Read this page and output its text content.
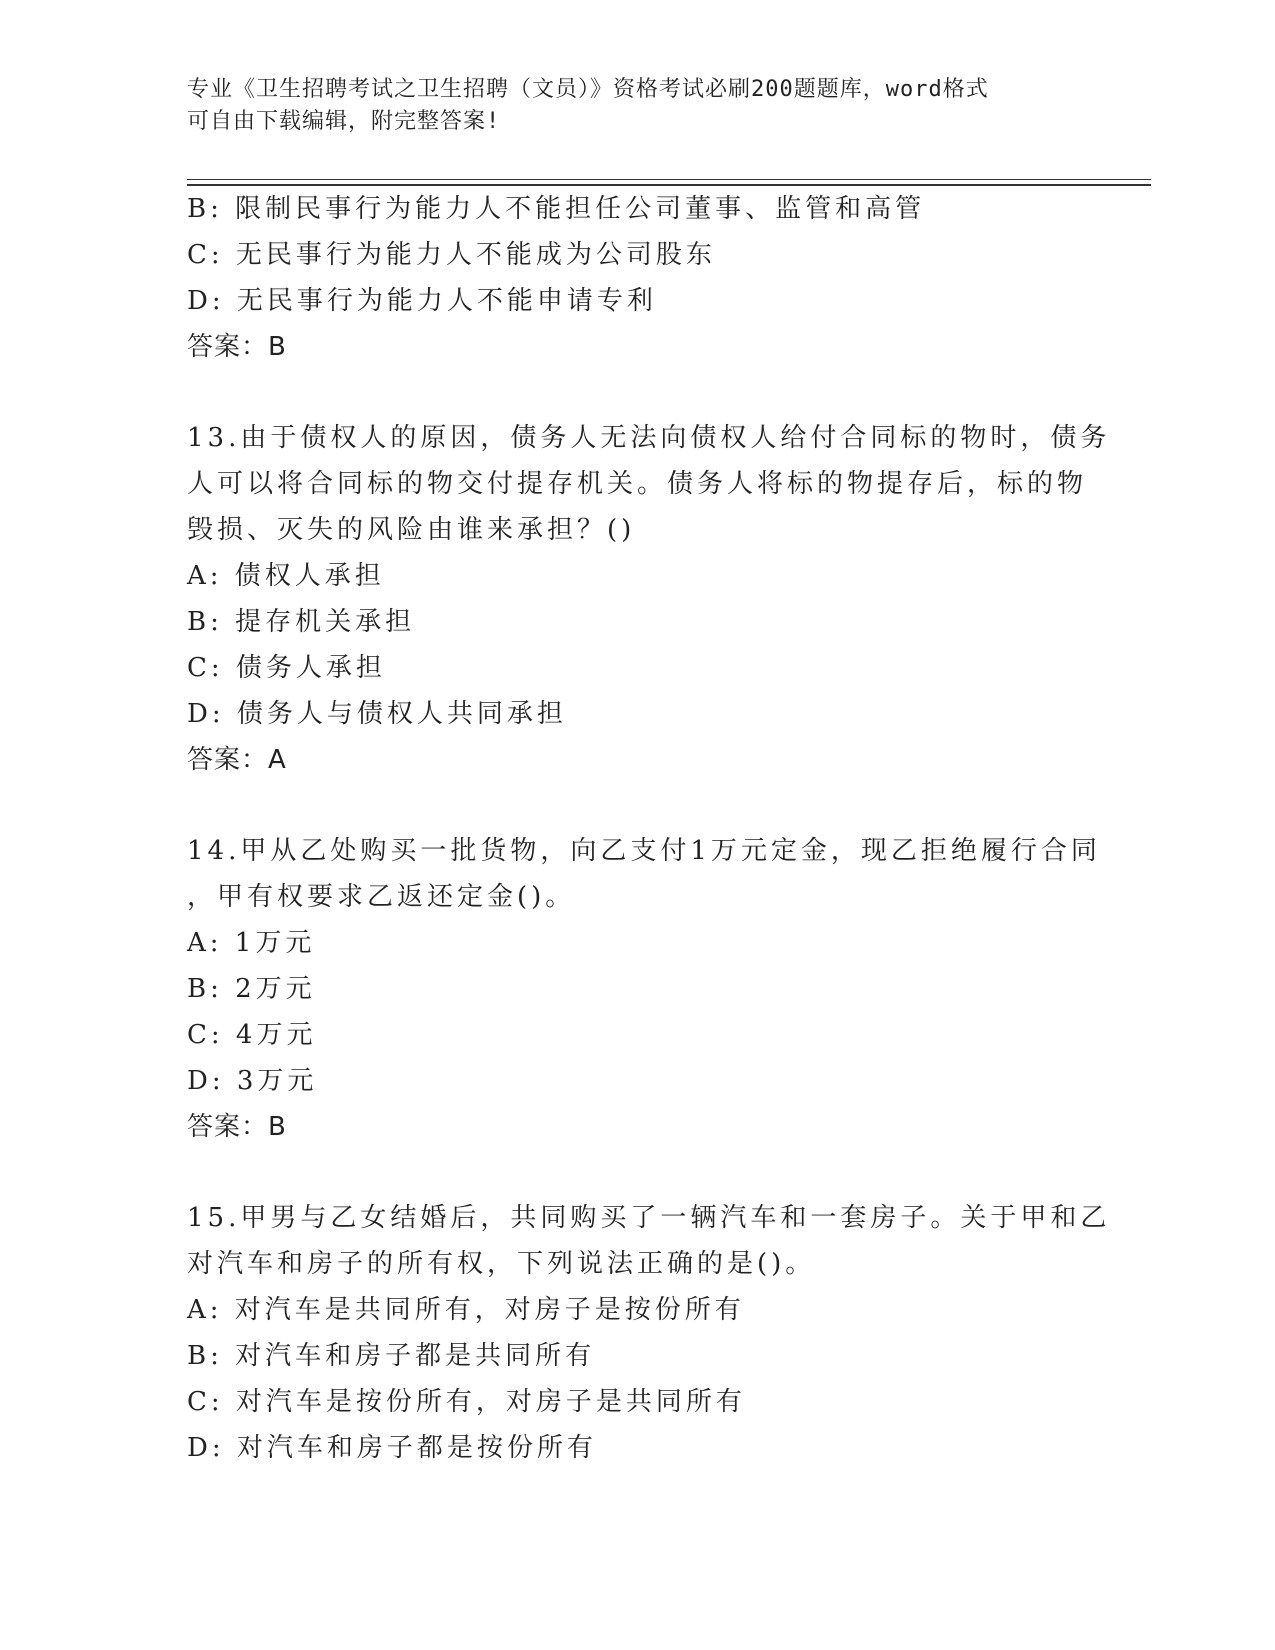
专业《卫生招聘考试之卫生招聘（文员）》资格考试必刷200题题库，word格式
可自由下载编辑，附完整答案!
B: 限制民事行为能力人不能担任公司董事、监管和高管
C: 无民事行为能力人不能成为公司股东
D: 无民事行为能力人不能申请专利
答案：B
13.由于债权人的原因，债务人无法向债权人给付合同标的物时，债务
人可以将合同标的物交付提存机关。债务人将标的物提存后，标的物
毁损、灭失的风险由谁来承担？()
A: 债权人承担
B: 提存机关承担
C: 债务人承担
D: 债务人与债权人共同承担
答案：A
14.甲从乙处购买一批货物，向乙支付1万元定金，现乙拒绝履行合同
，甲有权要求乙返还定金()。
A: 1万元
B: 2万元
C: 4万元
D: 3万元
答案：B
15.甲男与乙女结婚后，共同购买了一辆汽车和一套房子。关于甲和乙
对汽车和房子的所有权，下列说法正确的是()。
A: 对汽车是共同所有，对房子是按份所有
B: 对汽车和房子都是共同所有
C: 对汽车是按份所有，对房子是共同所有
D: 对汽车和房子都是按份所有
